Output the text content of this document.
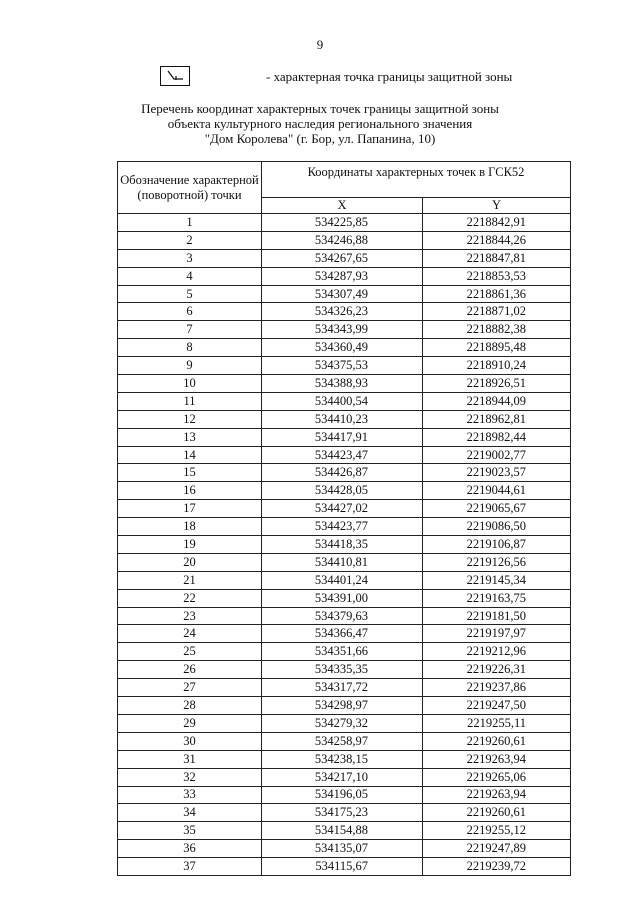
9
- характерная точка границы защитной зоны
Перечень координат характерных точек границы защитной зоны
объекта культурного наследия регионального значения
"Дом Королева" (г. Бор, ул. Папанина, 10)
Обозначение характерной (поворотной) точки	Координаты характерных точек в ГСК52	
	X	Y
1	534225,85	2218842,91
2	534246,88	2218844,26
3	534267,65	2218847,81
4	534287,93	2218853,53
5	534307,49	2218861,36
6	534326,23	2218871,02
7	534343,99	2218882,38
8	534360,49	2218895,48
9	534375,53	2218910,24
10	534388,93	2218926,51
11	534400,54	2218944,09
12	534410,23	2218962,81
13	534417,91	2218982,44
14	534423,47	2219002,77
15	534426,87	2219023,57
16	534428,05	2219044,61
17	534427,02	2219065,67
18	534423,77	2219086,50
19	534418,35	2219106,87
20	534410,81	2219126,56
21	534401,24	2219145,34
22	534391,00	2219163,75
23	534379,63	2219181,50
24	534366,47	2219197,97
25	534351,66	2219212,96
26	534335,35	2219226,31
27	534317,72	2219237,86
28	534298,97	2219247,50
29	534279,32	2219255,11
30	534258,97	2219260,61
31	534238,15	2219263,94
32	534217,10	2219265,06
33	534196,05	2219263,94
34	534175,23	2219260,61
35	534154,88	2219255,12
36	534135,07	2219247,89
37	534115,67	2219239,72
